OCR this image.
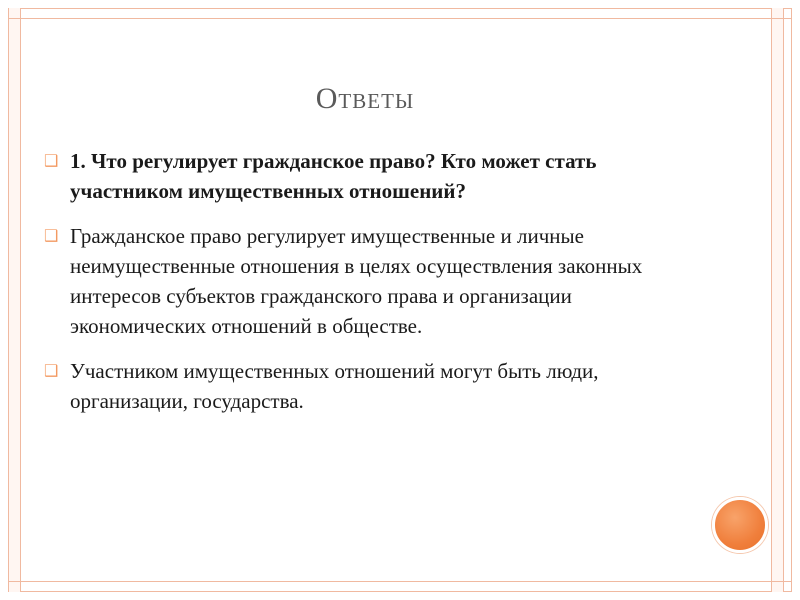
Ответы
❑ 1. Что регулирует гражданское право? Кто может стать участником имущественных отношений?
❑ Гражданское право регулирует имущественные и личные неимущественные отношения в целях осуществления законных интересов субъектов гражданского права и организации экономических отношений в обществе.
❑ Участником имущественных отношений могут быть люди, организации, государства.
